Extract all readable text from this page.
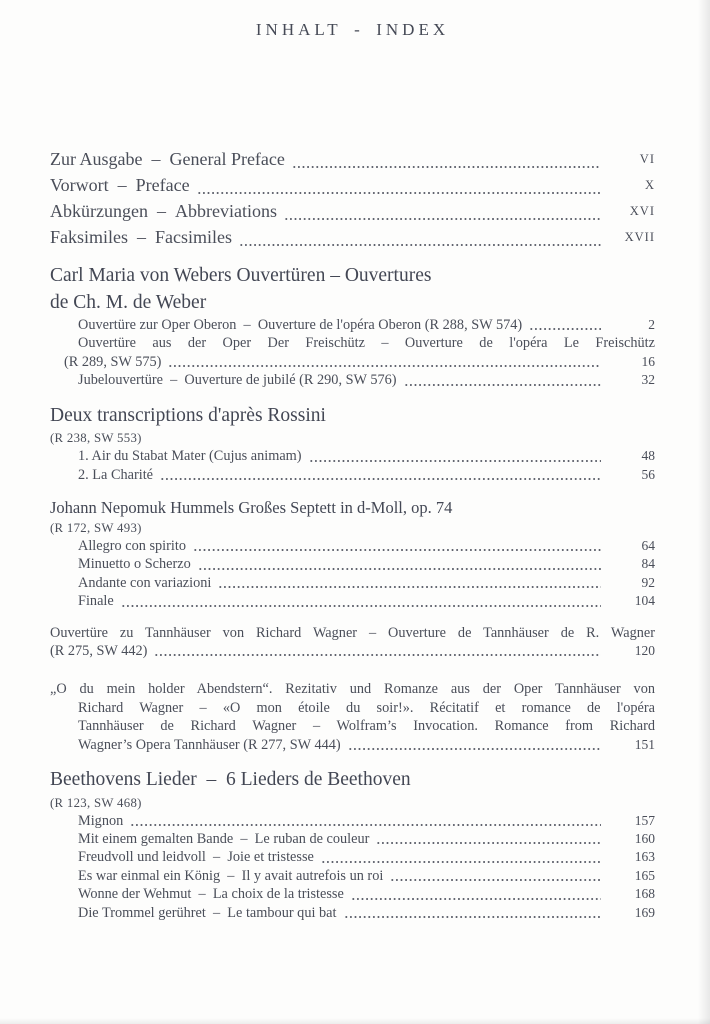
INHALT - INDEX
Zur Ausgabe – General Preface	VI
Vorwort – Preface	X
Abkürzungen – Abbreviations	XVI
Faksimiles – Facsimiles	XVII
Carl Maria von Webers Ouvertüren – Ouvertures
de Ch. M. de Weber
Ouvertüre zur Oper Oberon – Ouverture de l'opéra Oberon (R 288, SW 574)	2
Ouvertüre aus der Oper Der Freischütz – Ouverture de l'opéra Le Freischütz
(R 289, SW 575)	16
Jubelouvertüre – Ouverture de jubilé (R 290, SW 576)	32
Deux transcriptions d'après Rossini
(R 238, SW 553)
1. Air du Stabat Mater (Cujus animam)	48
2. La Charité	56
Johann Nepomuk Hummels Großes Septett in d-Moll, op. 74
(R 172, SW 493)
Allegro con spirito	64
Minuetto o Scherzo	84
Andante con variazioni	92
Finale	104
Ouvertüre zu Tannhäuser von Richard Wagner – Ouverture de Tannhäuser de R. Wagner
(R 275, SW 442)	120
„O du mein holder Abendstern“. Rezitativ und Romanze aus der Oper Tannhäuser von
Richard Wagner – «O mon étoile du soir!». Récitatif et romance de l'opéra
Tannhäuser de Richard Wagner – Wolfram’s Invocation. Romance from Richard
Wagner’s Opera Tannhäuser (R 277, SW 444)	151
Beethovens Lieder – 6 Lieders de Beethoven
(R 123, SW 468)
Mignon	157
Mit einem gemalten Bande – Le ruban de couleur	160
Freudvoll und leidvoll – Joie et tristesse	163
Es war einmal ein König – Il y avait autrefois un roi	165
Wonne der Wehmut – La choix de la tristesse	168
Die Trommel gerühret – Le tambour qui bat	169
